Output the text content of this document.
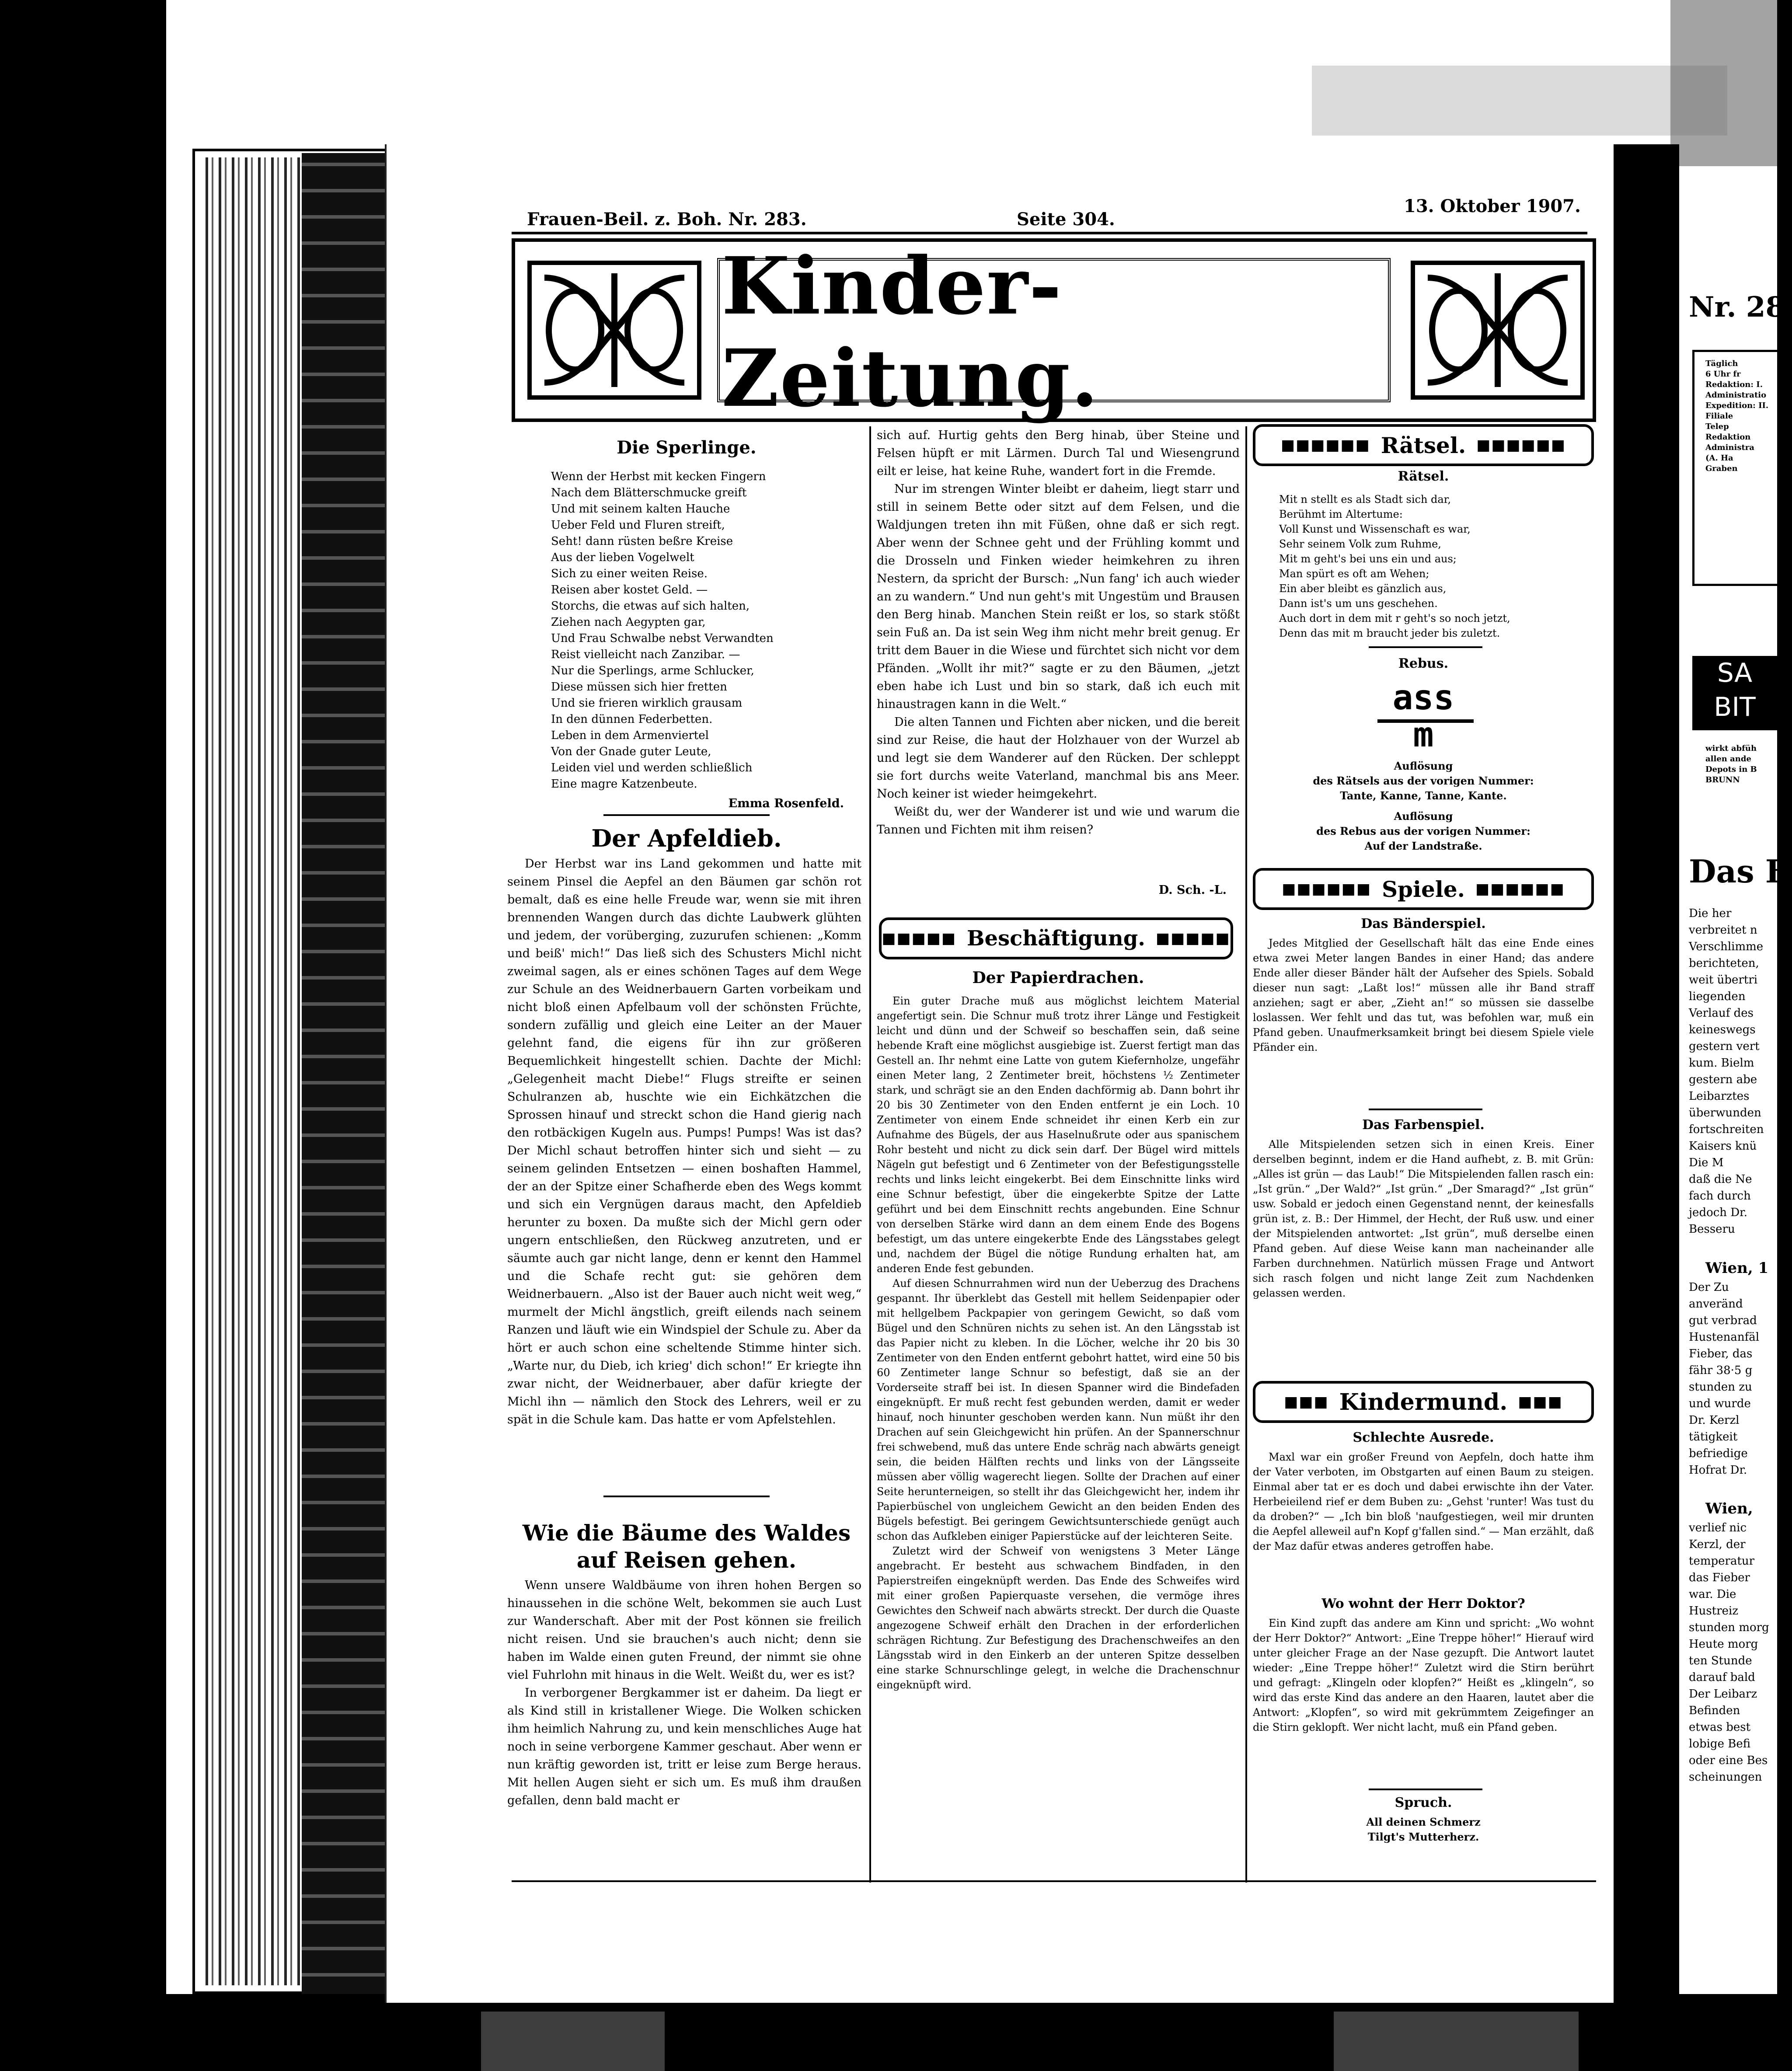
Frauen-Beil. z. Boh. Nr. 283.	Seite 304.
13. Oktober 1907.
Kinder-Zeitung.
Die Sperlinge.
Wenn der Herbst mit kecken Fingern
Nach dem Blätterschmucke greift
Und mit seinem kalten Hauche
Ueber Feld und Fluren streift,
Seht! dann rüsten beßre Kreise
Aus der lieben Vogelwelt
Sich zu einer weiten Reise.
Reisen aber kostet Geld. —
Storchs, die etwas auf sich halten,
Ziehen nach Aegypten gar,
Und Frau Schwalbe nebst Verwandten
Reist vielleicht nach Zanzibar. —
Nur die Sperlings, arme Schlucker,
Diese müssen sich hier fretten
Und sie frieren wirklich grausam
In den dünnen Federbetten.
Leben in dem Armenviertel
Von der Gnade guter Leute,
Leiden viel und werden schließlich
Eine magre Katzenbeute.
Emma Rosenfeld.
Der Apfeldieb.

Der Herbst war ins Land gekommen und hatte mit seinem Pinsel die Aepfel an den Bäumen gar schön rot bemalt, daß es eine helle Freude war, wenn sie mit ihren brennenden Wangen durch das dichte Laubwerk glühten und jedem, der vorüberging, zuzurufen schienen: „Komm und beiß' mich!“ Das ließ sich des Schusters Michl nicht zweimal sagen, als er eines schönen Tages auf dem Wege zur Schule an des Weidnerbauern Garten vorbeikam und nicht bloß einen Apfelbaum voll der schönsten Früchte, sondern zufällig und gleich eine Leiter an der Mauer gelehnt fand, die eigens für ihn zur größeren Bequemlichkeit hingestellt schien. Dachte der Michl: „Gelegenheit macht Diebe!“ Flugs streifte er seinen Schulranzen ab, huschte wie ein Eichkätzchen die Sprossen hinauf und streckt schon die Hand gierig nach den rotbäckigen Kugeln aus. Pumps! Pumps! Was ist das? Der Michl schaut betroffen hinter sich und sieht — zu seinem gelinden Entsetzen — einen boshaften Hammel, der an der Spitze einer Schafherde eben des Wegs kommt und sich ein Vergnügen daraus macht, den Apfeldieb herunter zu boxen. Da mußte sich der Michl gern oder ungern entschließen, den Rückweg anzutreten, und er säumte auch gar nicht lange, denn er kennt den Hammel und die Schafe recht gut: sie gehören dem Weidnerbauern. „Also ist der Bauer auch nicht weit weg,“ murmelt der Michl ängstlich, greift eilends nach seinem Ranzen und läuft wie ein Windspiel der Schule zu. Aber da hört er auch schon eine scheltende Stimme hinter sich. „Warte nur, du Dieb, ich krieg' dich schon!“ Er kriegte ihn zwar nicht, der Weidnerbauer, aber dafür kriegte der Michl ihn — nämlich den Stock des Lehrers, weil er zu spät in die Schule kam. Das hatte er vom Apfelstehlen.

Wie die Bäume des Waldes auf Reisen gehen.

Wenn unsere Waldbäume von ihren hohen Bergen so hinaussehen in die schöne Welt, bekommen sie auch Lust zur Wanderschaft. Aber mit der Post können sie freilich nicht reisen. Und sie brauchen's auch nicht; denn sie haben im Walde einen guten Freund, der nimmt sie ohne viel Fuhrlohn mit hinaus in die Welt. Weißt du, wer es ist?

In verborgener Bergkammer ist er daheim. Da liegt er als Kind still in kristallener Wiege. Die Wolken schicken ihm heimlich Nahrung zu, und kein menschliches Auge hat noch in seine verborgene Kammer geschaut. Aber wenn er nun kräftig geworden ist, tritt er leise zum Berge heraus. Mit hellen Augen sieht er sich um. Es muß ihm draußen gefallen, denn bald macht er

sich auf. Hurtig gehts den Berg hinab, über Steine und Felsen hüpft er mit Lärmen. Durch Tal und Wiesengrund eilt er leise, hat keine Ruhe, wandert fort in die Fremde.

Nur im strengen Winter bleibt er daheim, liegt starr und still in seinem Bette oder sitzt auf dem Felsen, und die Waldjungen treten ihn mit Füßen, ohne daß er sich regt. Aber wenn der Schnee geht und der Frühling kommt und die Drosseln und Finken wieder heimkehren zu ihren Nestern, da spricht der Bursch: „Nun fang' ich auch wieder an zu wandern.“ Und nun geht's mit Ungestüm und Brausen den Berg hinab. Manchen Stein reißt er los, so stark stößt sein Fuß an. Da ist sein Weg ihm nicht mehr breit genug. Er tritt dem Bauer in die Wiese und fürchtet sich nicht vor dem Pfänden. „Wollt ihr mit?“ sagte er zu den Bäumen, „jetzt eben habe ich Lust und bin so stark, daß ich euch mit hinaustragen kann in die Welt.“

Die alten Tannen und Fichten aber nicken, und die bereit sind zur Reise, die haut der Holzhauer von der Wurzel ab und legt sie dem Wanderer auf den Rücken. Der schleppt sie fort durchs weite Vaterland, manchmal bis ans Meer. Noch keiner ist wieder heimgekehrt.

Weißt du, wer der Wanderer ist und wie und warum die Tannen und Fichten mit ihm reisen?

D. Sch. -L.
■■■■■ Beschäftigung. ■■■■■
Der Papierdrachen.

Ein guter Drache muß aus möglichst leichtem Material angefertigt sein. Die Schnur muß trotz ihrer Länge und Festigkeit leicht und dünn und der Schweif so beschaffen sein, daß seine hebende Kraft eine möglichst ausgiebige ist. Zuerst fertigt man das Gestell an. Ihr nehmt eine Latte von gutem Kiefernholze, ungefähr einen Meter lang, 2 Zentimeter breit, höchstens ½ Zentimeter stark, und schrägt sie an den Enden dachförmig ab. Dann bohrt ihr 20 bis 30 Zentimeter von den Enden entfernt je ein Loch. 10 Zentimeter von einem Ende schneidet ihr einen Kerb ein zur Aufnahme des Bügels, der aus Haselnußrute oder aus spanischem Rohr besteht und nicht zu dick sein darf. Der Bügel wird mittels Nägeln gut befestigt und 6 Zentimeter von der Befestigungsstelle rechts und links leicht eingekerbt. Bei dem Einschnitte links wird eine Schnur befestigt, über die eingekerbte Spitze der Latte geführt und bei dem Einschnitt rechts angebunden. Eine Schnur von derselben Stärke wird dann an dem einem Ende des Bogens befestigt, um das untere eingekerbte Ende des Längsstabes gelegt und, nachdem der Bügel die nötige Rundung erhalten hat, am anderen Ende fest gebunden.

Auf diesen Schnurrahmen wird nun der Ueberzug des Drachens gespannt. Ihr überklebt das Gestell mit hellem Seidenpapier oder mit hellgelbem Packpapier von geringem Gewicht, so daß vom Bügel und den Schnüren nichts zu sehen ist. An den Längsstab ist das Papier nicht zu kleben. In die Löcher, welche ihr 20 bis 30 Zentimeter von den Enden entfernt gebohrt hattet, wird eine 50 bis 60 Zentimeter lange Schnur so befestigt, daß sie an der Vorderseite straff bei ist. In diesen Spanner wird die Bindefaden eingeknüpft. Er muß recht fest gebunden werden, damit er weder hinauf, noch hinunter geschoben werden kann. Nun müßt ihr den Drachen auf sein Gleichgewicht hin prüfen. An der Spannerschnur frei schwebend, muß das untere Ende schräg nach abwärts geneigt sein, die beiden Hälften rechts und links von der Längsseite müssen aber völlig wagerecht liegen. Sollte der Drachen auf einer Seite herunterneigen, so stellt ihr das Gleichgewicht her, indem ihr Papierbüschel von ungleichem Gewicht an den beiden Enden des Bügels befestigt. Bei geringem Gewichtsunterschiede genügt auch schon das Aufkleben einiger Papierstücke auf der leichteren Seite.

Zuletzt wird der Schweif von wenigstens 3 Meter Länge angebracht. Er besteht aus schwachem Bindfaden, in den Papierstreifen eingeknüpft werden. Das Ende des Schweifes wird mit einer großen Papierquaste versehen, die vermöge ihres Gewichtes den Schweif nach abwärts streckt. Der durch die Quaste angezogene Schweif erhält den Drachen in der erforderlichen schrägen Richtung. Zur Befestigung des Drachenschweifes an den Längsstab wird in den Einkerb an der unteren Spitze desselben eine starke Schnurschlinge gelegt, in welche die Drachenschnur eingeknüpft wird.

■■■■■■ Rätsel. ■■■■■■
Rätsel.
Mit n stellt es als Stadt sich dar,
Berühmt im Altertume:
Voll Kunst und Wissenschaft es war,
Sehr seinem Volk zum Ruhme,
Mit m geht's bei uns ein und aus;
Man spürt es oft am Wehen;
Ein aber bleibt es gänzlich aus,
Dann ist's um uns geschehen.
Auch dort in dem mit r geht's so noch jetzt,
Denn das mit m braucht jeder bis zuletzt.
Rebus.
ass
m
Auflösung
des Rätsels aus der vorigen Nummer:
Tante, Kanne, Tanne, Kante.
Auflösung
des Rebus aus der vorigen Nummer:
Auf der Landstraße.
■■■■■■ Spiele. ■■■■■■
Das Bänderspiel.

Jedes Mitglied der Gesellschaft hält das eine Ende eines etwa zwei Meter langen Bandes in einer Hand; das andere Ende aller dieser Bänder hält der Aufseher des Spiels. Sobald dieser nun sagt: „Laßt los!“ müssen alle ihr Band straff anziehen; sagt er aber, „Zieht an!“ so müssen sie dasselbe loslassen. Wer fehlt und das tut, was befohlen war, muß ein Pfand geben. Unaufmerksamkeit bringt bei diesem Spiele viele Pfänder ein.

Das Farbenspiel.

Alle Mitspielenden setzen sich in einen Kreis. Einer derselben beginnt, indem er die Hand aufhebt, z. B. mit Grün: „Alles ist grün — das Laub!“ Die Mitspielenden fallen rasch ein: „Ist grün.“ „Der Wald?“ „Ist grün.“ „Der Smaragd?“ „Ist grün“ usw. Sobald er jedoch einen Gegenstand nennt, der keinesfalls grün ist, z. B.: Der Himmel, der Hecht, der Ruß usw. und einer der Mitspielenden antwortet: „Ist grün“, muß derselbe einen Pfand geben. Auf diese Weise kann man nacheinander alle Farben durchnehmen. Natürlich müssen Frage und Antwort sich rasch folgen und nicht lange Zeit zum Nachdenken gelassen werden.

■■■ Kindermund. ■■■
Schlechte Ausrede.

Maxl war ein großer Freund von Aepfeln, doch hatte ihm der Vater verboten, im Obstgarten auf einen Baum zu steigen. Einmal aber tat er es doch und dabei erwischte ihn der Vater. Herbeieilend rief er dem Buben zu: „Gehst 'runter! Was tust du da droben?“ — „Ich bin bloß 'naufgestiegen, weil mir drunten die Aepfel alleweil auf'n Kopf g'fallen sind.“ — Man erzählt, daß der Maz dafür etwas anderes getroffen habe.

Wo wohnt der Herr Doktor?

Ein Kind zupft das andere am Kinn und spricht: „Wo wohnt der Herr Doktor?“ Antwort: „Eine Treppe höher!“ Hierauf wird unter gleicher Frage an der Nase gezupft. Die Antwort lautet wieder: „Eine Treppe höher!“ Zuletzt wird die Stirn berührt und gefragt: „Klingeln oder klopfen?“ Heißt es „klingeln“, so wird das erste Kind das andere an den Haaren, lautet aber die Antwort: „Klopfen“, so wird mit gekrümmtem Zeigefinger an die Stirn geklopft. Wer nicht lacht, muß ein Pfand geben.

Spruch.
All deinen Schmerz
Tilgt's Mutterherz.
Nr. 28
Täglich
6 Uhr fr
Redaktion: I.
Administratio
Expedition: II.
Filiale
Telep
Redaktion
Administra
(A. Ha
Graben
SA
BIT
wirkt abfüh
allen ande
Depots in B
BRUNN
Das B
Die her
verbreitet n
Verschlimme
berichteten,
weit übertri
liegenden
Verlauf des
keineswegs
gestern vert
kum. Bielm
gestern abe
Leibarztes
überwunden
fortschreiten
Kaisers knü
Die M
daß die Ne
fach durch
jedoch Dr.
Besseru
Wien, 1
Der Zu
anveränd
gut verbrad
Hustenanfäl
Fieber, das
fähr 38·5 g
stunden zu
und wurde
Dr. Kerzl
tätigkeit
befriedige
Hofrat Dr.
Wien,
verlief nic
Kerzl, der
temperatur
das Fieber
war. Die
Hustreiz
stunden morg
Heute morg
ten Stunde
darauf bald
Der Leibarz
Befinden
etwas best
lobige Befi
oder eine Bes
scheinungen
